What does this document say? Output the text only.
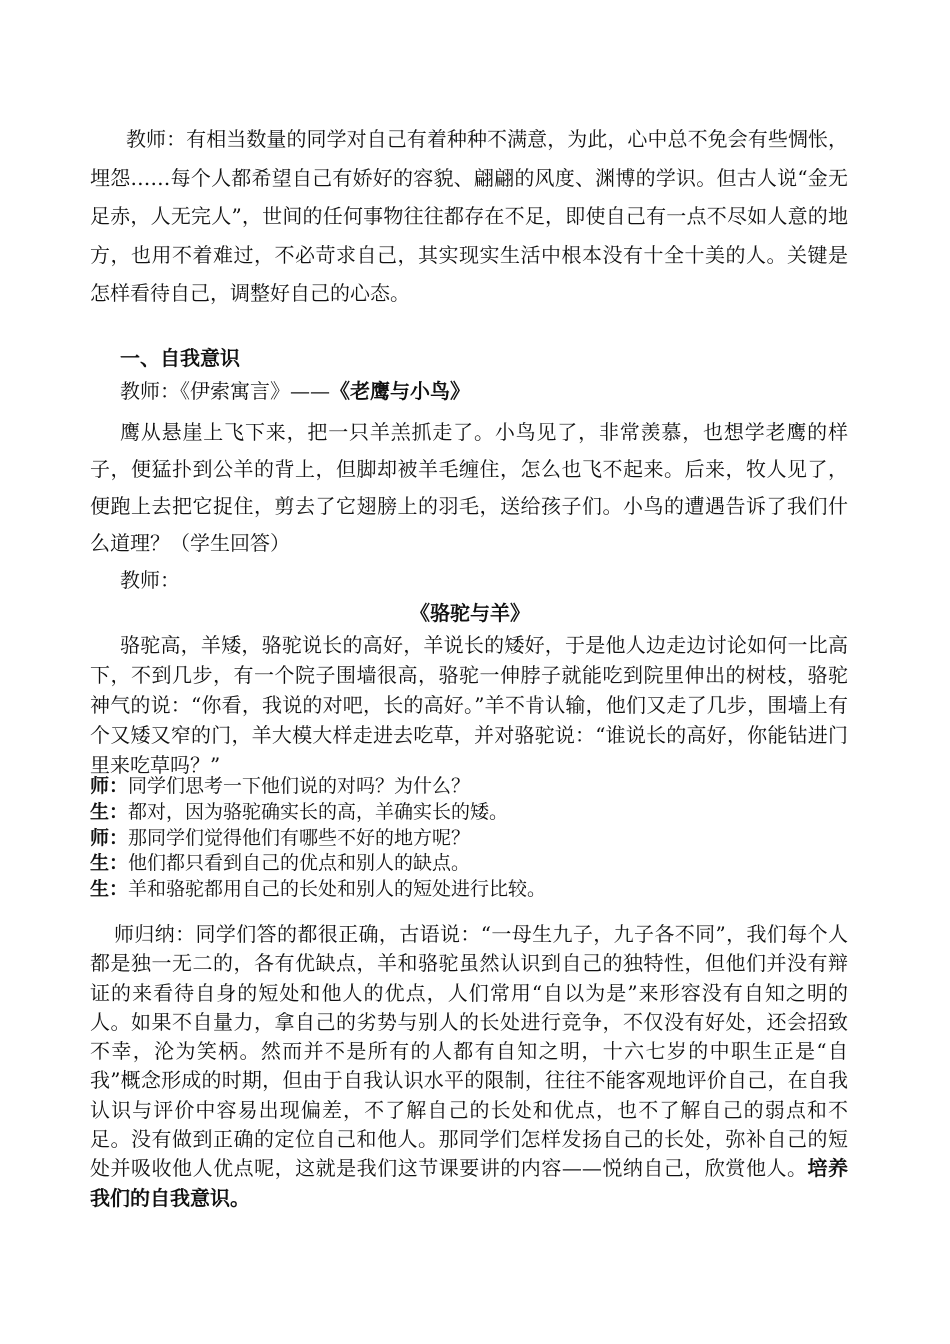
教师：有相当数量的同学对自己有着种种不满意，为此，心中总不免会有些惆怅，埋怨……每个人都希望自己有娇好的容貌、翩翩的风度、渊博的学识。但古人说“金无足赤，人无完人”，世间的任何事物往往都存在不足，即使自己有一点不尽如人意的地方，也用不着难过，不必苛求自己，其实现实生活中根本没有十全十美的人。关键是怎样看待自己，调整好自己的心态。

一、自我意识
教师：《伊索寓言》——《老鹰与小鸟》

鹰从悬崖上飞下来，把一只羊羔抓走了。小鸟见了，非常羡慕，也想学老鹰的样子，便猛扑到公羊的背上，但脚却被羊毛缠住，怎么也飞不起来。后来，牧人见了，便跑上去把它捉住，剪去了它翅膀上的羽毛，送给孩子们。小鸟的遭遇告诉了我们什么道理？（学生回答）

教师：
《骆驼与羊》

骆驼高，羊矮，骆驼说长的高好，羊说长的矮好，于是他人边走边讨论如何一比高下，不到几步，有一个院子围墙很高，骆驼一伸脖子就能吃到院里伸出的树枝，骆驼神气的说：“你看，我说的对吧，长的高好。”羊不肯认输，他们又走了几步，围墙上有个又矮又窄的门，羊大模大样走进去吃草，并对骆驼说：“谁说长的高好，你能钻进门里来吃草吗？”

师：同学们思考一下他们说的对吗？为什么？
生：都对，因为骆驼确实长的高，羊确实长的矮。
师：那同学们觉得他们有哪些不好的地方呢？
生：他们都只看到自己的优点和别人的缺点。
生：羊和骆驼都用自己的长处和别人的短处进行比较。

师归纳：同学们答的都很正确，古语说：“一母生九子，九子各不同”，我们每个人都是独一无二的，各有优缺点，羊和骆驼虽然认识到自己的独特性，但他们并没有辩证的来看待自身的短处和他人的优点，人们常用“自以为是”来形容没有自知之明的人。如果不自量力，拿自己的劣势与别人的长处进行竞争，不仅没有好处，还会招致不幸，沦为笑柄。然而并不是所有的人都有自知之明，十六七岁的中职生正是“自我”概念形成的时期，但由于自我认识水平的限制，往往不能客观地评价自己，在自我认识与评价中容易出现偏差，不了解自己的长处和优点，也不了解自己的弱点和不足。没有做到正确的定位自己和他人。那同学们怎样发扬自己的长处，弥补自己的短处并吸收他人优点呢，这就是我们这节课要讲的内容——悦纳自己，欣赏他人。培养我们的自我意识。
